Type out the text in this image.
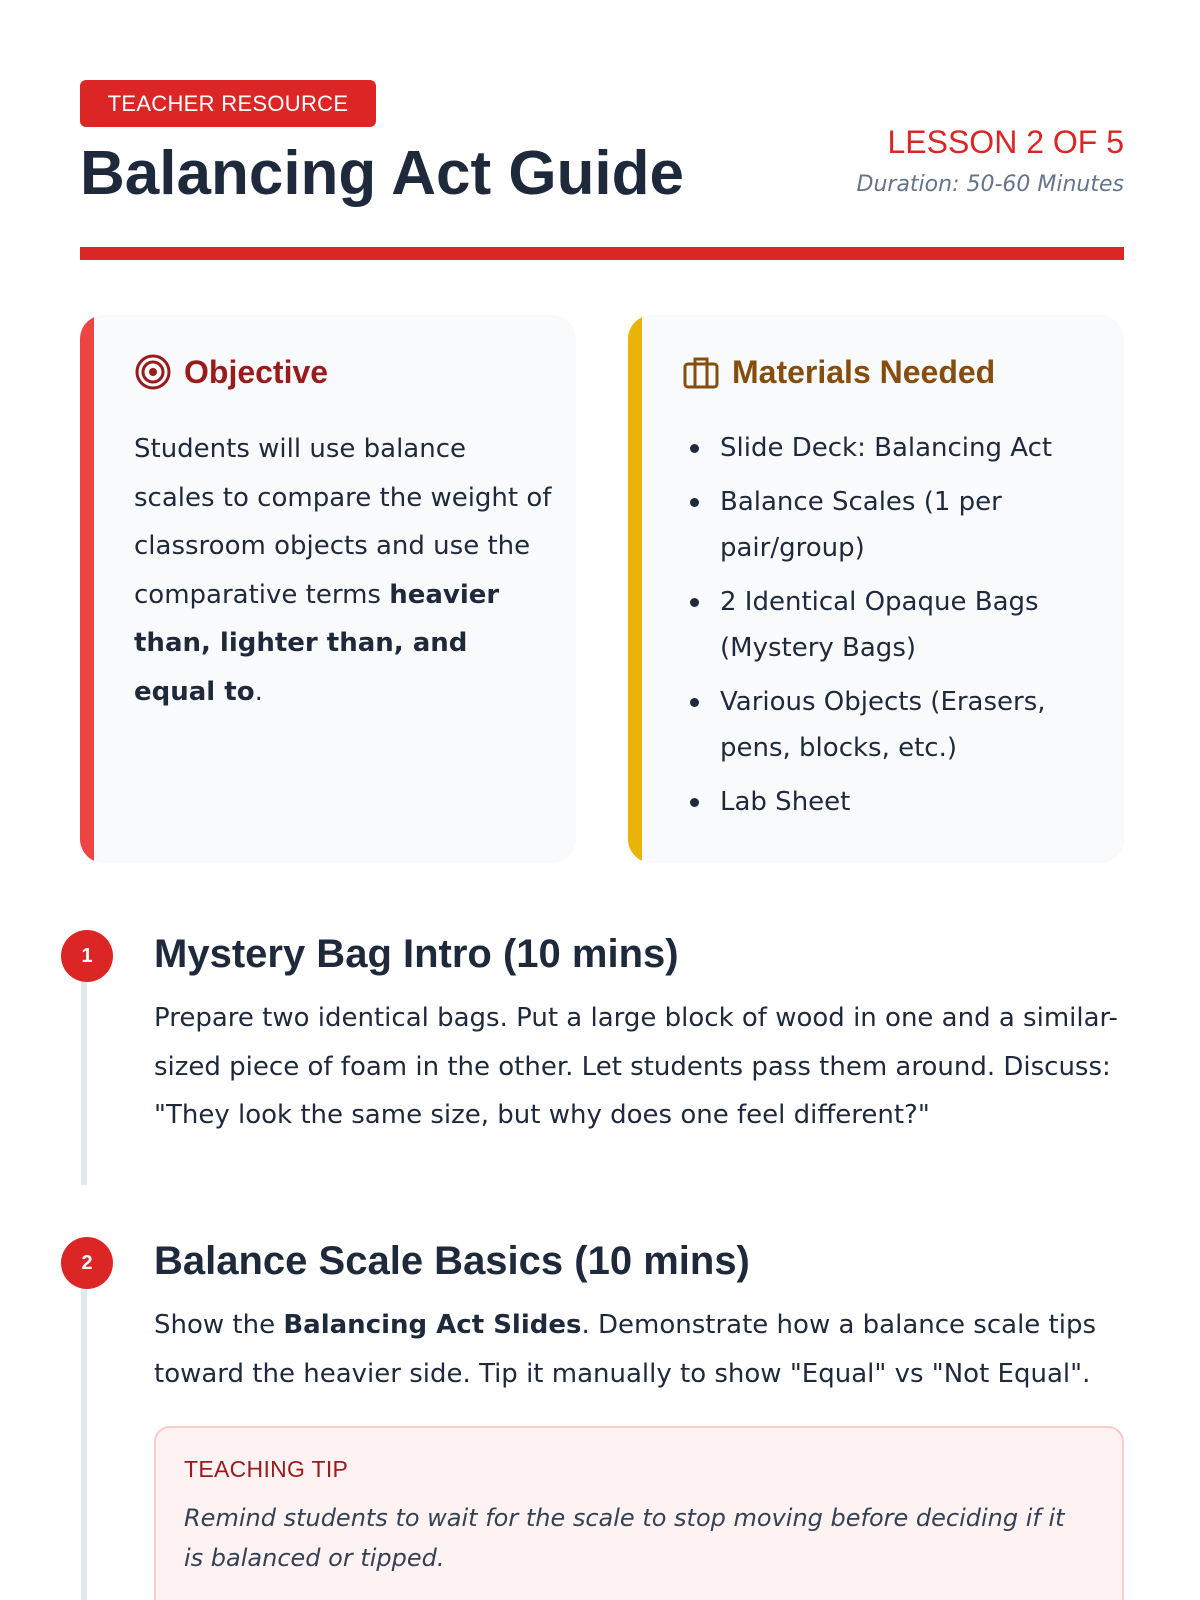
TEACHER RESOURCE
Balancing Act Guide	LESSON 2 OF 5
Duration: 50-60 Minutes
Objective

Students will use balance scales to compare the weight of classroom objects and use the comparative terms heavier than, lighter than, and equal to.

Materials Needed
Slide Deck: Balancing Act
Balance Scales (1 per pair/group)
2 Identical Opaque Bags (Mystery Bags)
Various Objects (Erasers, pens, blocks, etc.)
Lab Sheet
1	Mystery Bag Intro (10 mins)

Prepare two identical bags. Put a large block of wood in one and a similar-sized piece of foam in the other. Let students pass them around. Discuss: "They look the same size, but why does one feel different?"

2	Balance Scale Basics (10 mins)

Show the Balancing Act Slides. Demonstrate how a balance scale tips toward the heavier side. Tip it manually to show "Equal" vs "Not Equal".

TEACHING TIP

Remind students to wait for the scale to stop moving before deciding if it is balanced or tipped.
